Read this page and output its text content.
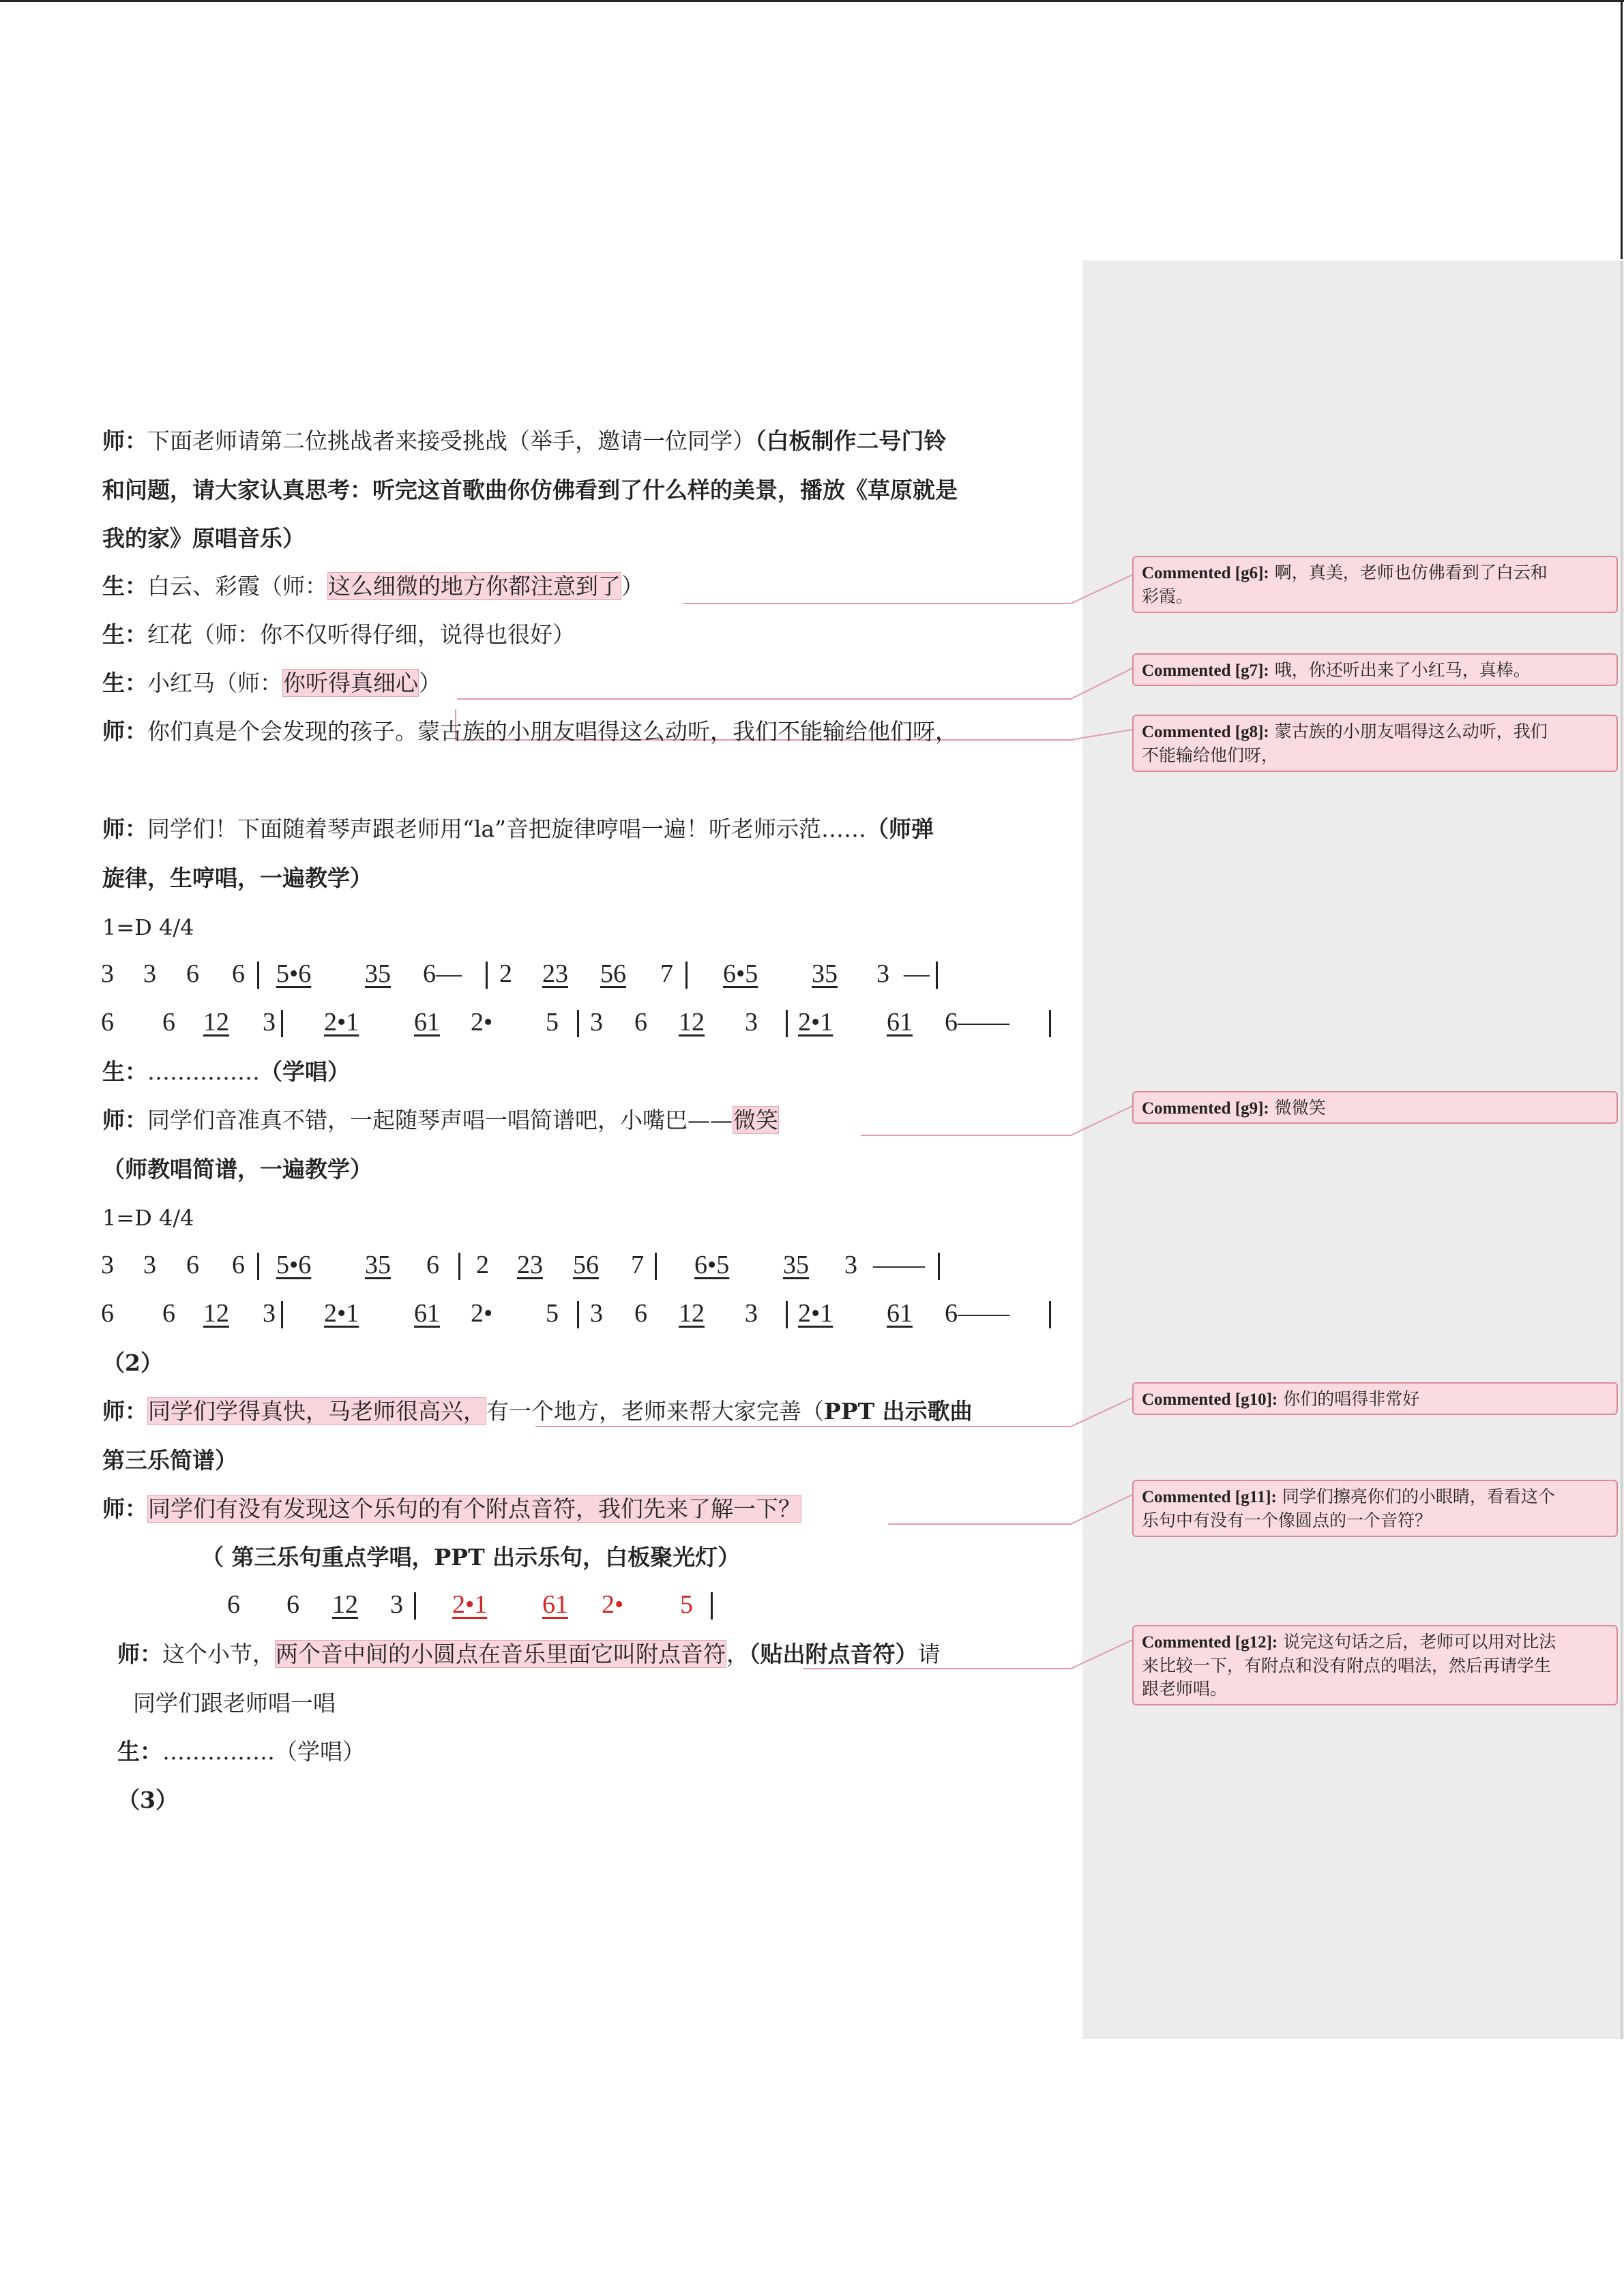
师：下面老师请第二位挑战者来接受挑战（举手，邀请一位同学）（白板制作二号门铃
和问题，请大家认真思考：听完这首歌曲你仿佛看到了什么样的美景，播放《草原就是
我的家》原唱音乐）
生：白云、彩霞（师：这么细微的地方你都注意到了）
生：红花（师：你不仅听得仔细，说得也很好）
生：小红马（师：你听得真细心）
师：你们真是个会发现的孩子。蒙古族的小朋友唱得这么动听，我们不能输给他们呀，
师：同学们！下面随着琴声跟老师用“la”音把旋律哼唱一遍！听老师示范……（师弹
旋律，生哼唱，一遍教学）
1=D 4/4
3 3 6 6 5•6 35 6— 2 23 56 7 6•5 35 3 —
6 6 12 3 2•1 61 2• 5 3 6 12 3 2•1 61 6——
生：……………（学唱）
师：同学们音准真不错，一起随琴声唱一唱简谱吧，小嘴巴——微笑
（师教唱简谱，一遍教学）
1=D 4/4
3 3 6 6 5•6 35 6 2 23 56 7 6•5 35 3 ——
6 6 12 3 2•1 61 2• 5 3 6 12 3 2•1 61 6——
（2）
师：同学们学得真快，马老师很高兴，有一个地方，老师来帮大家完善（PPT 出示歌曲
第三乐简谱）
师：同学们有没有发现这个乐句的有个附点音符，我们先来了解一下？
（ 第三乐句重点学唱，PPT 出示乐句，白板聚光灯）
6 6 12 3 2•1 61 2• 5
师：这个小节，两个音中间的小圆点在音乐里面它叫附点音符，（贴出附点音符）请
同学们跟老师唱一唱
生：……………（学唱）
（3）
Commented [g6]: 啊，真美，老师也仿佛看到了白云和
彩霞。
Commented [g7]: 哦，你还听出来了小红马，真棒。
Commented [g8]: 蒙古族的小朋友唱得这么动听，我们
不能输给他们呀，
Commented [g9]: 微微笑
Commented [g10]: 你们的唱得非常好
Commented [g11]: 同学们擦亮你们的小眼睛，看看这个
乐句中有没有一个像圆点的一个音符？
Commented [g12]: 说完这句话之后，老师可以用对比法
来比较一下，有附点和没有附点的唱法，然后再请学生
跟老师唱。
